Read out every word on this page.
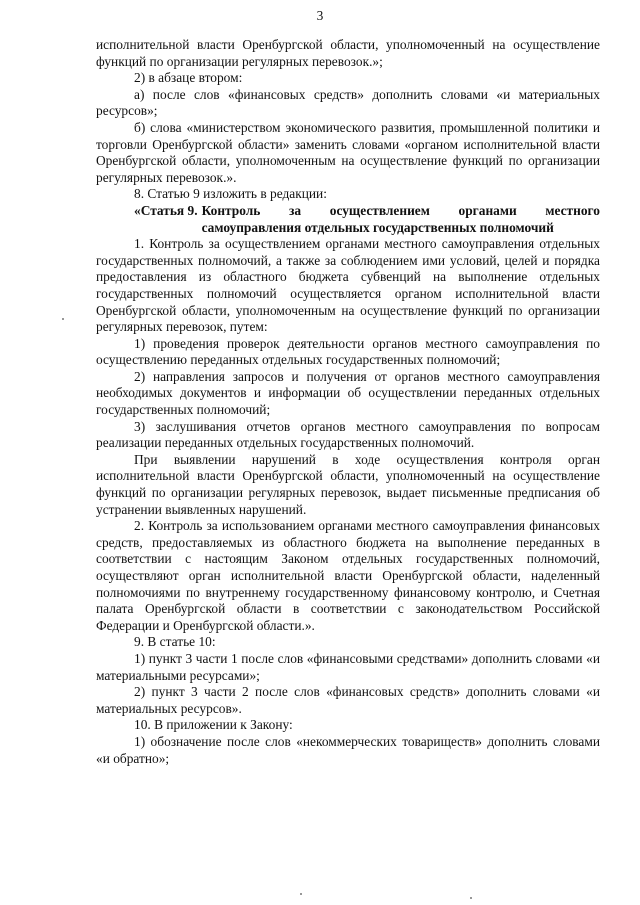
3

исполнительной власти Оренбургской области, уполномоченный на осуществление функций по организации регулярных перевозок.»;

2) в абзаце втором:

а) после слов «финансовых средств» дополнить словами «и материальных ресурсов»;

б) слова «министерством экономического развития, промышленной политики и торговли Оренбургской области» заменить словами «органом исполнительной власти Оренбургской области, уполномоченным на осуществление функций по организации регулярных перевозок.».

8. Статью 9 изложить в редакции:

«Статья 9. Контроль за осуществлением органами местного самоуправления отдельных государственных полномочий

1. Контроль за осуществлением органами местного самоуправления отдельных государственных полномочий, а также за соблюдением ими условий, целей и порядка предоставления из областного бюджета субвенций на выполнение отдельных государственных полномочий осуществляется органом исполнительной власти Оренбургской области, уполномоченным на осуществление функций по организации регулярных перевозок, путем:

1) проведения проверок деятельности органов местного самоуправления по осуществлению переданных отдельных государственных полномочий;

2) направления запросов и получения от органов местного самоуправления необходимых документов и информации об осуществлении переданных отдельных государственных полномочий;

3) заслушивания отчетов органов местного самоуправления по вопросам реализации переданных отдельных государственных полномочий.

При выявлении нарушений в ходе осуществления контроля орган исполнительной власти Оренбургской области, уполномоченный на осуществление функций по организации регулярных перевозок, выдает письменные предписания об устранении выявленных нарушений.

2. Контроль за использованием органами местного самоуправления финансовых средств, предоставляемых из областного бюджета на выполнение переданных в соответствии с настоящим Законом отдельных государственных полномочий, осуществляют орган исполнительной власти Оренбургской области, наделенный полномочиями по внутреннему государственному финансовому контролю, и Счетная палата Оренбургской области в соответствии с законодательством Российской Федерации и Оренбургской области.».

9. В статье 10:

1) пункт 3 части 1 после слов «финансовыми средствами» дополнить словами «и материальными ресурсами»;

2) пункт 3 части 2 после слов «финансовых средств» дополнить словами «и материальных ресурсов».

10. В приложении к Закону:

1) обозначение после слов «некоммерческих товариществ» дополнить словами «и обратно»;
